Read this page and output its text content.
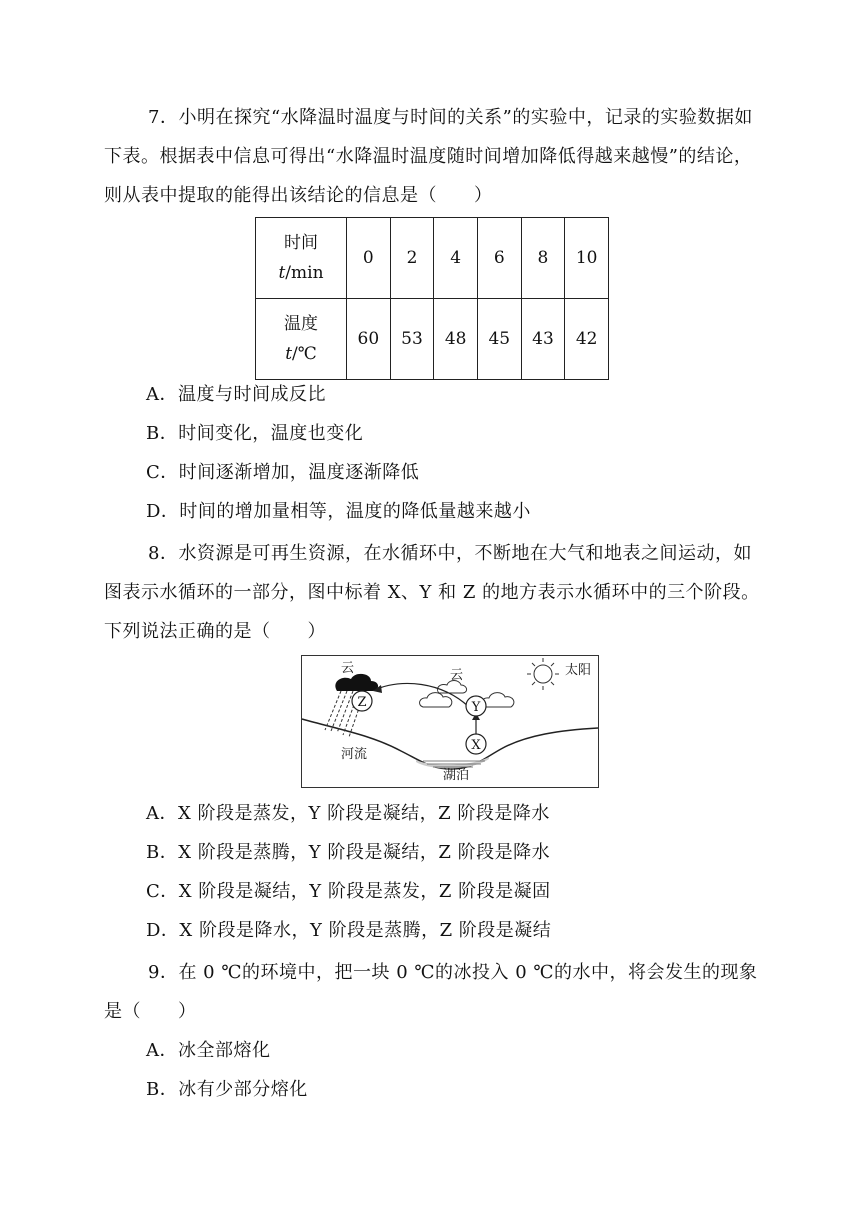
7．小明在探究“水降温时温度与时间的关系”的实验中，记录的实验数据如下表。根据表中信息可得出“水降温时温度随时间增加降低得越来越慢”的结论，则从表中提取的能得出该结论的信息是（　　）

时间
t/min	0	2	4	6	8	10

温度
t/℃	60	53	48	45	43	42

A．温度与时间成反比

B．时间变化，温度也变化

C．时间逐渐增加，温度逐渐降低

D．时间的增加量相等，温度的降低量越来越小

8．水资源是可再生资源，在水循环中，不断地在大气和地表之间运动，如图表示水循环的一部分，图中标着 X、Y 和 Z 的地方表示水循环中的三个阶段。下列说法正确的是（　　）

X
Y
Z
云	云	太阳
河流
湖泊

A．X 阶段是蒸发，Y 阶段是凝结，Z 阶段是降水

B．X 阶段是蒸腾，Y 阶段是凝结，Z 阶段是降水

C．X 阶段是凝结，Y 阶段是蒸发，Z 阶段是凝固

D．X 阶段是降水，Y 阶段是蒸腾，Z 阶段是凝结

9．在 0 ℃的环境中，把一块 0 ℃的冰投入 0 ℃的水中，将会发生的现象是（　　）

A．冰全部熔化

B．冰有少部分熔化
